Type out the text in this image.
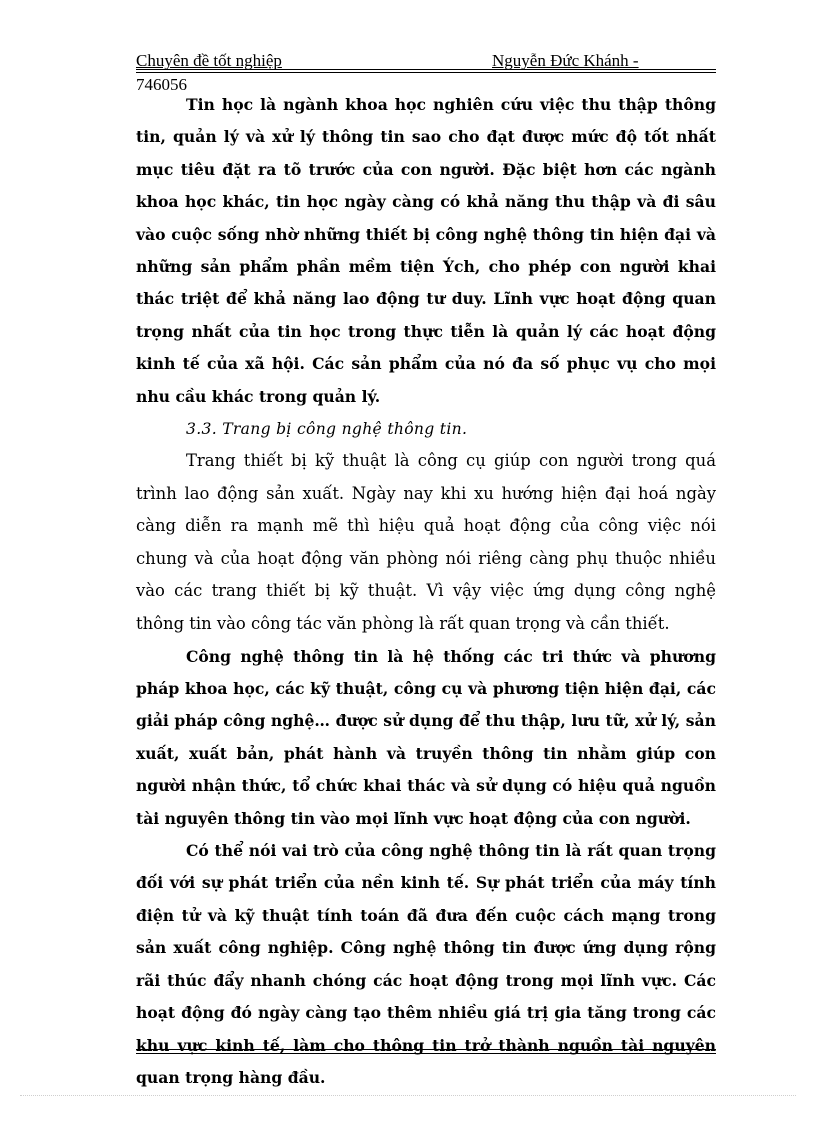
Chuyên đề tốt nghiệp	Nguyễn Đức Khánh -
746056

Tin học là ngành khoa học nghiên cứu việc thu thập thông tin, quản lý và xử lý thông tin sao cho đạt được mức độ tốt nhất mục tiêu đặt ra tõ trước của con người. Đặc biệt hơn các ngành khoa học khác, tin học ngày càng có khả năng thu thập và đi sâu vào cuộc sống nhờ những thiết bị công nghệ thông tin hiện đại và những sản phẩm phần mềm tiện Ých, cho phép con người khai thác triệt để khả năng lao động tư duy. Lĩnh vực hoạt động quan trọng nhất của tin học trong thực tiễn là quản lý các hoạt động kinh tế của xã hội. Các sản phẩm của nó đa số phục vụ cho mọi nhu cầu khác trong quản lý.

3.3. Trang bị công nghệ thông tin.

Trang thiết bị kỹ thuật là công cụ giúp con người trong quá trình lao động sản xuất. Ngày nay khi xu hướng hiện đại hoá ngày càng diễn ra mạnh mẽ thì hiệu quả hoạt động của công việc nói chung và của hoạt động văn phòng nói riêng càng phụ thuộc nhiều vào các trang thiết bị kỹ thuật. Vì vậy việc ứng dụng công nghệ thông tin vào công tác văn phòng là rất quan trọng và cần thiết.

Công nghệ thông tin là hệ thống các tri thức và phương pháp khoa học, các kỹ thuật, công cụ và phương tiện hiện đại, các giải pháp công nghệ… được sử dụng để thu thập, lưu tữ, xử lý, sản xuất, xuất bản, phát hành và truyền thông tin nhằm giúp con người nhận thức, tổ chức khai thác và sử dụng có hiệu quả nguồn tài nguyên thông tin vào mọi lĩnh vực hoạt động của con người.

Có thể nói vai trò của công nghệ thông tin là rất quan trọng đối với sự phát triển của nền kinh tế. Sự phát triển của máy tính điện tử và kỹ thuật tính toán đã đưa đến cuộc cách mạng trong sản xuất công nghiệp. Công nghệ thông tin được ứng dụng rộng rãi thúc đẩy nhanh chóng các hoạt động trong mọi lĩnh vực. Các hoạt động đó ngày càng tạo thêm nhiều giá trị gia tăng trong các khu vực kinh tế, làm cho thông tin trở thành nguồn tài nguyên quan trọng hàng đầu.
